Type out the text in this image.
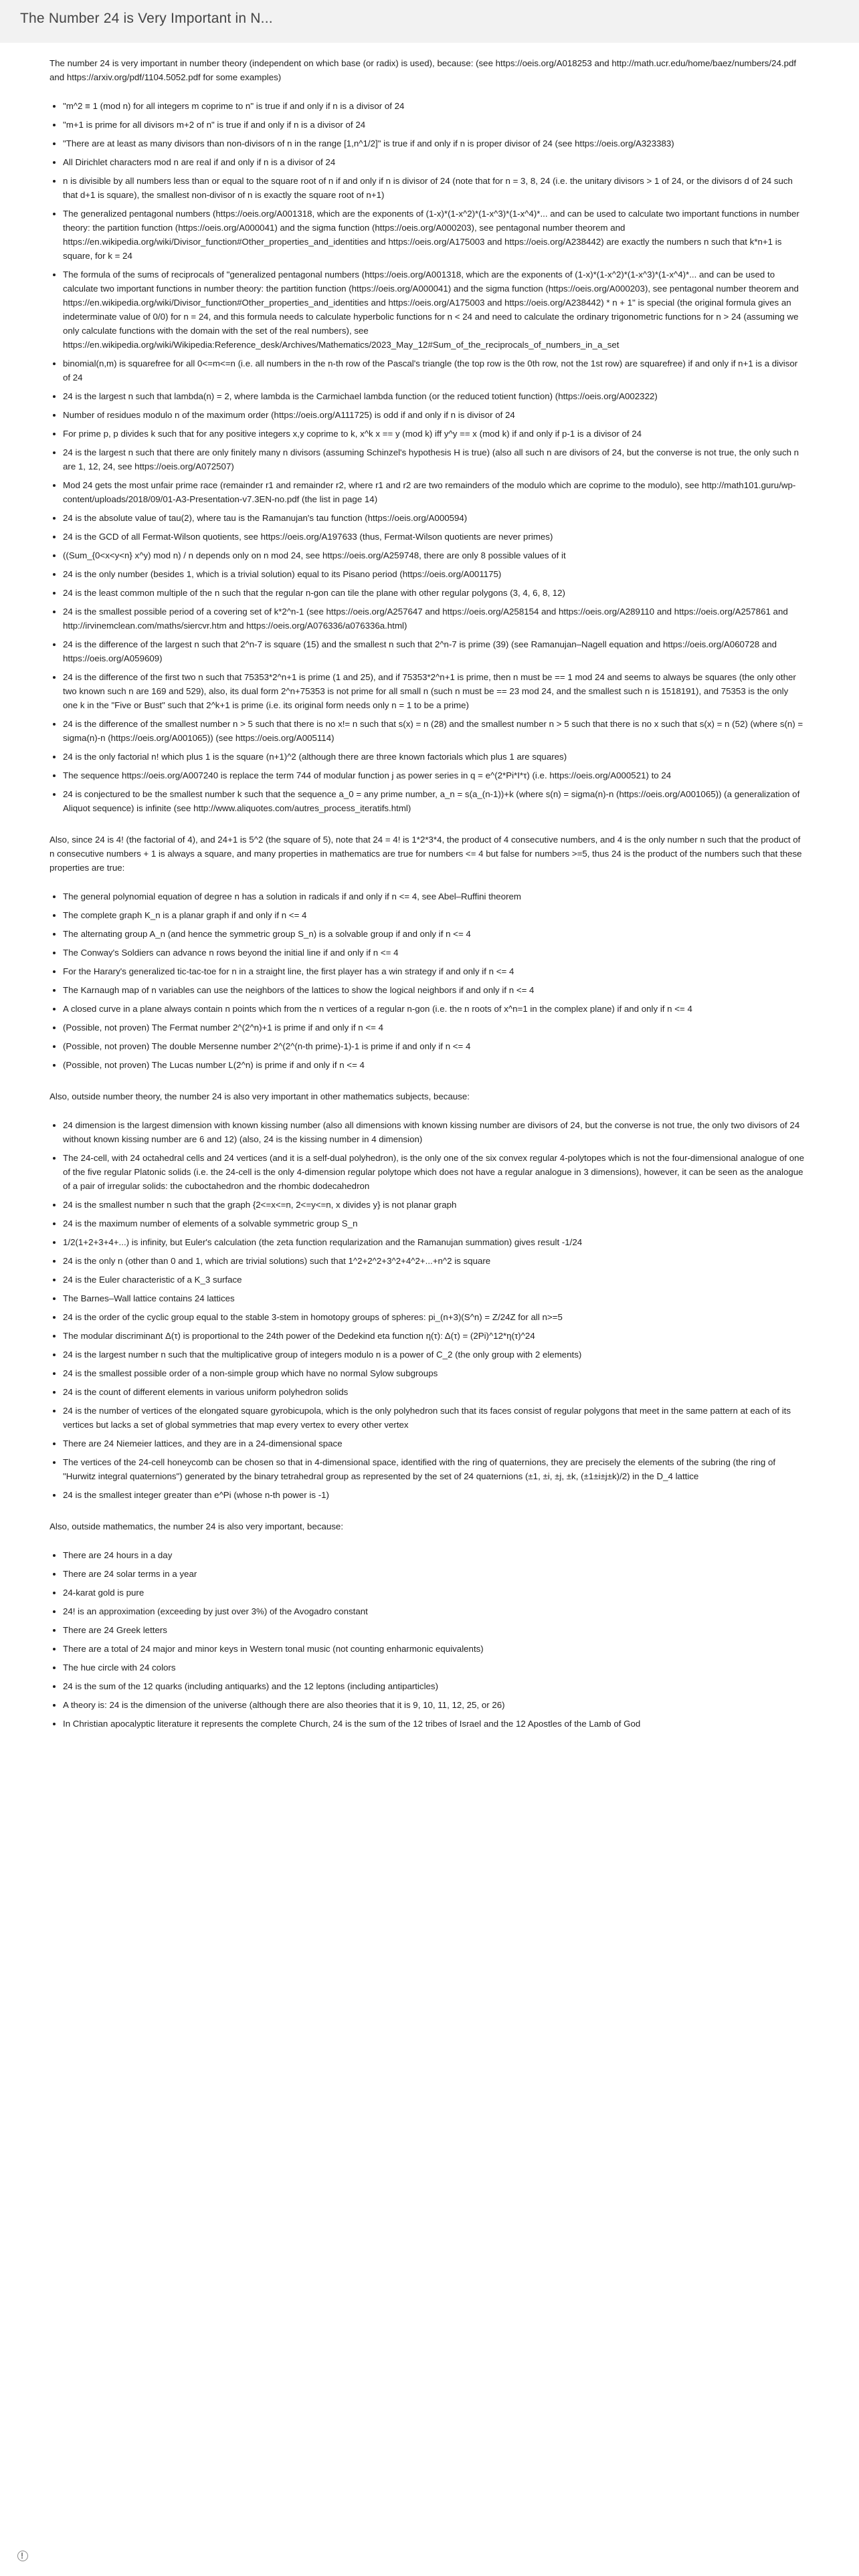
The Number 24 is Very Important in N...

The number 24 is very important in number theory (independent on which base (or radix) is used), because: (see https://oeis.org/A018253 and http://math.ucr.edu/home/baez/numbers/24.pdf and https://arxiv.org/pdf/1104.5052.pdf for some examples)

• "m^2 ≡ 1 (mod n) for all integers m coprime to n" is true if and only if n is a divisor of 24
• "m+1 is prime for all divisors m+2 of n" is true if and only if n is a divisor of 24
• "There are at least as many divisors than non-divisors of n in the range [1,n^1/2]" is true if and only if n is proper divisor of 24 (see https://oeis.org/A323383)
• All Dirichlet characters mod n are real if and only if n is a divisor of 24
• n is divisible by all numbers less than or equal to the square root of n if and only if n is divisor of 24 (note that for n = 3, 8, 24 (i.e. the unitary divisors > 1 of 24, or the divisors d of 24 such that d+1 is square), the smallest non-divisor of n is exactly the square root of n+1)
• The generalized pentagonal numbers (https://oeis.org/A001318, which are the exponents of (1-x)*(1-x^2)*(1-x^3)*(1-x^4)*... and can be used to calculate two important functions in number theory: the partition function (https://oeis.org/A000041) and the sigma function (https://oeis.org/A000203), see pentagonal number theorem and https://en.wikipedia.org/wiki/Divisor_function#Other_properties_and_identities and https://oeis.org/A175003 and https://oeis.org/A238442) are exactly the numbers n such that k*n+1 is square, for k = 24
• The formula of the sums of reciprocals of "generalized pentagonal numbers (https://oeis.org/A001318, which are the exponents of (1-x)*(1-x^2)*(1-x^3)*(1-x^4)*... and can be used to calculate two important functions in number theory: the partition function (https://oeis.org/A000041) and the sigma function (https://oeis.org/A000203), see pentagonal number theorem and https://en.wikipedia.org/wiki/Divisor_function#Other_properties_and_identities and https://oeis.org/A175003 and https://oeis.org/A238442) * n + 1" is special (the original formula gives an indeterminate value of 0/0) for n = 24, and this formula needs to calculate hyperbolic functions for n < 24 and need to calculate the ordinary trigonometric functions for n > 24 (assuming we only calculate functions with the domain with the set of the real numbers), see https://en.wikipedia.org/wiki/Wikipedia:Reference_desk/Archives/Mathematics/2023_May_12#Sum_of_the_reciprocals_of_numbers_in_a_set
• binomial(n,m) is squarefree for all 0<=m<=n (i.e. all numbers in the n-th row of the Pascal's triangle (the top row is the 0th row, not the 1st row) are squarefree) if and only if n+1 is a divisor of 24
• 24 is the largest n such that lambda(n) = 2, where lambda is the Carmichael lambda function (or the reduced totient function) (https://oeis.org/A002322)
• Number of residues modulo n of the maximum order (https://oeis.org/A111725) is odd if and only if n is divisor of 24
• For prime p, p divides k such that for any positive integers x,y coprime to k, x^k x == y (mod k) iff y^y == x (mod k) if and only if p-1 is a divisor of 24
• 24 is the largest n such that there are only finitely many n divisors (assuming Schinzel's hypothesis H is true) (also all such n are divisors of 24, but the converse is not true, the only such n are 1, 12, 24, see https://oeis.org/A072507)
• Mod 24 gets the most unfair prime race (remainder r1 and remainder r2, where r1 and r2 are two remainders of the modulo which are coprime to the modulo), see http://math101.guru/wp-content/uploads/2018/09/01-A3-Presentation-v7.3EN-no.pdf (the list in page 14)
• 24 is the absolute value of tau(2), where tau is the Ramanujan's tau function (https://oeis.org/A000594)
• 24 is the GCD of all Fermat-Wilson quotients, see https://oeis.org/A197633 (thus, Fermat-Wilson quotients are never primes)
• ((Sum_{0<x<y<n} x^y) mod n) / n depends only on n mod 24, see https://oeis.org/A259748, there are only 8 possible values of it
• 24 is the only number (besides 1, which is a trivial solution) equal to its Pisano period (https://oeis.org/A001175)
• 24 is the least common multiple of the n such that the regular n-gon can tile the plane with other regular polygons (3, 4, 6, 8, 12)
• 24 is the smallest possible period of a covering set of k*2^n-1 (see https://oeis.org/A257647 and https://oeis.org/A258154 and https://oeis.org/A289110 and https://oeis.org/A257861 and http://irvinemclean.com/maths/siercvr.htm and https://oeis.org/A076336/a076336a.html)
• 24 is the difference of the largest n such that 2^n-7 is square (15) and the smallest n such that 2^n-7 is prime (39) (see Ramanujan–Nagell equation and https://oeis.org/A060728 and https://oeis.org/A059609)
• 24 is the difference of the first two n such that 75353*2^n+1 is prime (1 and 25), and if 75353*2^n+1 is prime, then n must be == 1 mod 24 and seems to always be squares (the only other two known such n are 169 and 529), also, its dual form 2^n+75353 is not prime for all small n (such n must be == 23 mod 24, and the smallest such n is 1518191), and 75353 is the only one k in the "Five or Bust" such that 2^k+1 is prime (i.e. its original form needs only n = 1 to be a prime)
• 24 is the difference of the smallest number n > 5 such that there is no x!= n such that s(x) = n (28) and the smallest number n > 5 such that there is no x such that s(x) = n (52) (where s(n) = sigma(n)-n (https://oeis.org/A001065)) (see https://oeis.org/A005114)
• 24 is the only factorial n! which plus 1 is the square (n+1)^2 (although there are three known factorials which plus 1 are squares)
• The sequence https://oeis.org/A007240 is replace the term 744 of modular function j as power series in q = e^(2*Pi*I*τ) (i.e. https://oeis.org/A000521) to 24
• 24 is conjectured to be the smallest number k such that the sequence a_0 = any prime number, a_n = s(a_(n-1))+k (where s(n) = sigma(n)-n (https://oeis.org/A001065)) (a generalization of Aliquot sequence) is infinite (see http://www.aliquotes.com/autres_process_iteratifs.html)

Also, since 24 is 4! (the factorial of 4), and 24+1 is 5^2 (the square of 5), note that 24 = 4! is 1*2*3*4, the product of 4 consecutive numbers, and 4 is the only number n such that the product of n consecutive numbers + 1 is always a square, and many properties in mathematics are true for numbers <= 4 but false for numbers >=5, thus 24 is the product of the numbers such that these properties are true:

• The general polynomial equation of degree n has a solution in radicals if and only if n <= 4, see Abel–Ruffini theorem
• The complete graph K_n is a planar graph if and only if n <= 4
• The alternating group A_n (and hence the symmetric group S_n) is a solvable group if and only if n <= 4
• The Conway's Soldiers can advance n rows beyond the initial line if and only if n <= 4
• For the Harary's generalized tic-tac-toe for n in a straight line, the first player has a win strategy if and only if n <= 4
• The Karnaugh map of n variables can use the neighbors of the lattices to show the logical neighbors if and only if n <= 4
• A closed curve in a plane always contain n points which from the n vertices of a regular n-gon (i.e. the n roots of x^n=1 in the complex plane) if and only if n <= 4
• (Possible, not proven) The Fermat number 2^(2^n)+1 is prime if and only if n <= 4
• (Possible, not proven) The double Mersenne number 2^(2^(n-th prime)-1)-1 is prime if and only if n <= 4
• (Possible, not proven) The Lucas number L(2^n) is prime if and only if n <= 4

Also, outside number theory, the number 24 is also very important in other mathematics subjects, because:

• 24 dimension is the largest dimension with known kissing number (also all dimensions with known kissing number are divisors of 24, but the converse is not true, the only two divisors of 24 without known kissing number are 6 and 12) (also, 24 is the kissing number in 4 dimension)
• The 24-cell, with 24 octahedral cells and 24 vertices (and it is a self-dual polyhedron), is the only one of the six convex regular 4-polytopes which is not the four-dimensional analogue of one of the five regular Platonic solids (i.e. the 24-cell is the only 4-dimension regular polytope which does not have a regular analogue in 3 dimensions), however, it can be seen as the analogue of a pair of irregular solids: the cuboctahedron and the rhombic dodecahedron
• 24 is the smallest number n such that the graph {2<=x<=n, 2<=y<=n, x divides y} is not planar graph
• 24 is the maximum number of elements of a solvable symmetric group S_n
• 1/2(1+2+3+4+...) is infinity, but Euler's calculation (the zeta function reqularization and the Ramanujan summation) gives result -1/24
• 24 is the only n (other than 0 and 1, which are trivial solutions) such that 1^2+2^2+3^2+4^2+...+n^2 is square
• 24 is the Euler characteristic of a K_3 surface
• The Barnes–Wall lattice contains 24 lattices
• 24 is the order of the cyclic group equal to the stable 3-stem in homotopy groups of spheres: pi_(n+3)(S^n) = Z/24Z for all n>=5
• The modular discriminant Δ(τ) is proportional to the 24th power of the Dedekind eta function η(τ): Δ(τ) = (2Pi)^12*η(τ)^24
• 24 is the largest number n such that the multiplicative group of integers modulo n is a power of C_2 (the only group with 2 elements)
• 24 is the smallest possible order of a non-simple group which have no normal Sylow subgroups
• 24 is the count of different elements in various uniform polyhedron solids
• 24 is the number of vertices of the elongated square gyrobicupola, which is the only polyhedron such that its faces consist of regular polygons that meet in the same pattern at each of its vertices but lacks a set of global symmetries that map every vertex to every other vertex
• There are 24 Niemeier lattices, and they are in a 24-dimensional space
• The vertices of the 24-cell honeycomb can be chosen so that in 4-dimensional space, identified with the ring of quaternions, they are precisely the elements of the subring (the ring of "Hurwitz integral quaternions") generated by the binary tetrahedral group as represented by the set of 24 quaternions (±1, ±i, ±j, ±k, (±1±i±j±k)/2) in the D_4 lattice
• 24 is the smallest integer greater than e^Pi (whose n-th power is -1)

Also, outside mathematics, the number 24 is also very important, because:

• There are 24 hours in a day
• There are 24 solar terms in a year
• 24-karat gold is pure
• 24! is an approximation (exceeding by just over 3%) of the Avogadro constant
• There are 24 Greek letters
• There are a total of 24 major and minor keys in Western tonal music (not counting enharmonic equivalents)
• The hue circle with 24 colors
• 24 is the sum of the 12 quarks (including antiquarks) and the 12 leptons (including antiparticles)
• A theory is: 24 is the dimension of the universe (although there are also theories that it is 9, 10, 11, 12, 25, or 26)
• In Christian apocalyptic literature it represents the complete Church, 24 is the sum of the 12 tribes of Israel and the 12 Apostles of the Lamb of God
